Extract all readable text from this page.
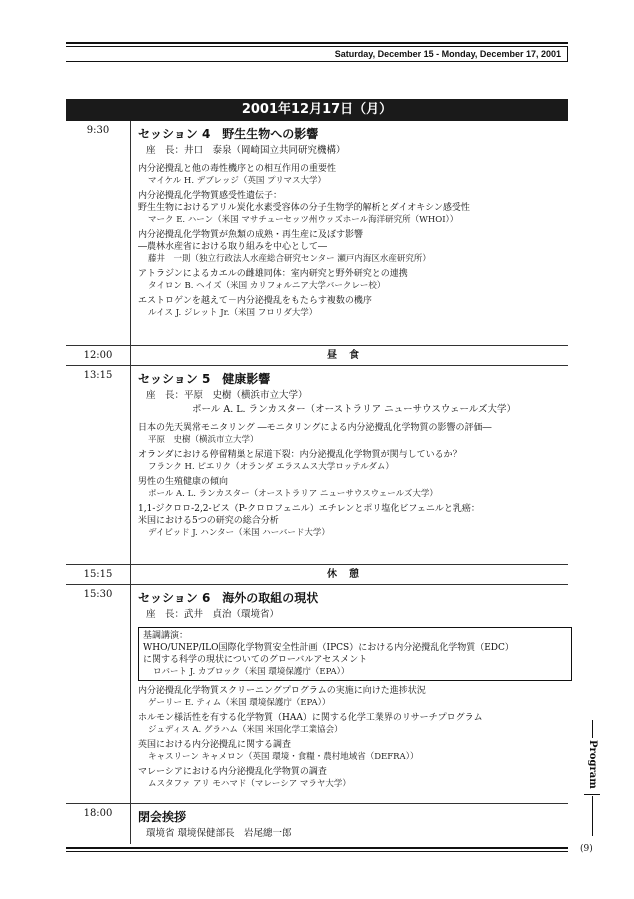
Saturday, December 15 - Monday, December 17, 2001
2001年12月17日（月）
9:30	セッション 4　野生生物への影響
座　長：井口　泰泉（岡崎国立共同研究機構）
内分泌攪乱と他の毒性機序との相互作用の重要性
マイケル H. デブレッジ（英国 プリマス大学）
内分泌攪乱化学物質感受性遺伝子：
野生生物におけるアリル炭化水素受容体の分子生物学的解析とダイオキシン感受性
マーク E. ハーン（米国 マサチューセッツ州ウッズホール海洋研究所（WHOI））
内分泌攪乱化学物質が魚類の成熟・再生産に及ぼす影響
―農林水産省における取り組みを中心として―
藤井　一則（独立行政法人水産総合研究センター 瀬戸内海区水産研究所）
アトラジンによるカエルの雌雄同体：室内研究と野外研究との連携
タイロン B. ヘイズ（米国 カリフォルニア大学バークレー校）
エストロゲンを越えて－内分泌攪乱をもたらす複数の機序
ルイス J. ジレット Jr.（米国 フロリダ大学）
12:00	昼食
13:15	セッション 5　健康影響
座　長：平原　史樹（横浜市立大学）
ポール A. L. ランカスター（オーストラリア ニューサウスウェールズ大学）
日本の先天異常モニタリング ―モニタリングによる内分泌攪乱化学物質の影響の評価―
平原　史樹（横浜市立大学）
オランダにおける停留精巣と尿道下裂：内分泌攪乱化学物質が関与しているか？
フランク H. ピエリク（オランダ エラスムス大学ロッテルダム）
男性の生殖健康の傾向
ポール A. L. ランカスター（オーストラリア ニューサウスウェールズ大学）
1,1-ジクロロ-2,2-ビス（P-クロロフェニル）エチレンとポリ塩化ビフェニルと乳癌：
米国における5つの研究の総合分析
デイビッド J. ハンター（米国 ハーバード大学）
15:15	休憩
15:30	セッション 6　海外の取組の現状
座　長：武井　貞治（環境省）
基調講演：
WHO/UNEP/ILO国際化学物質安全性計画（IPCS）における内分泌攪乱化学物質（EDC）
に関する科学の現状についてのグローバルアセスメント
ロバート J. カブロック（米国 環境保護庁（EPA））
内分泌攪乱化学物質スクリーニングプログラムの実施に向けた進捗状況
ゲーリー E. ティム（米国 環境保護庁（EPA））
ホルモン様活性を有する化学物質（HAA）に関する化学工業界のリサーチプログラム
ジュディス A. グラハム（米国 米国化学工業協会）
英国における内分泌攪乱に関する調査
キャスリーン キャメロン（英国 環境・食糧・農村地域省（DEFRA））
マレーシアにおける内分泌攪乱化学物質の調査
ムスタファ アリ モハマド（マレーシア マラヤ大学）
18:00	閉会挨拶
環境省 環境保健部長　岩尾總一郎
Program
(9)
